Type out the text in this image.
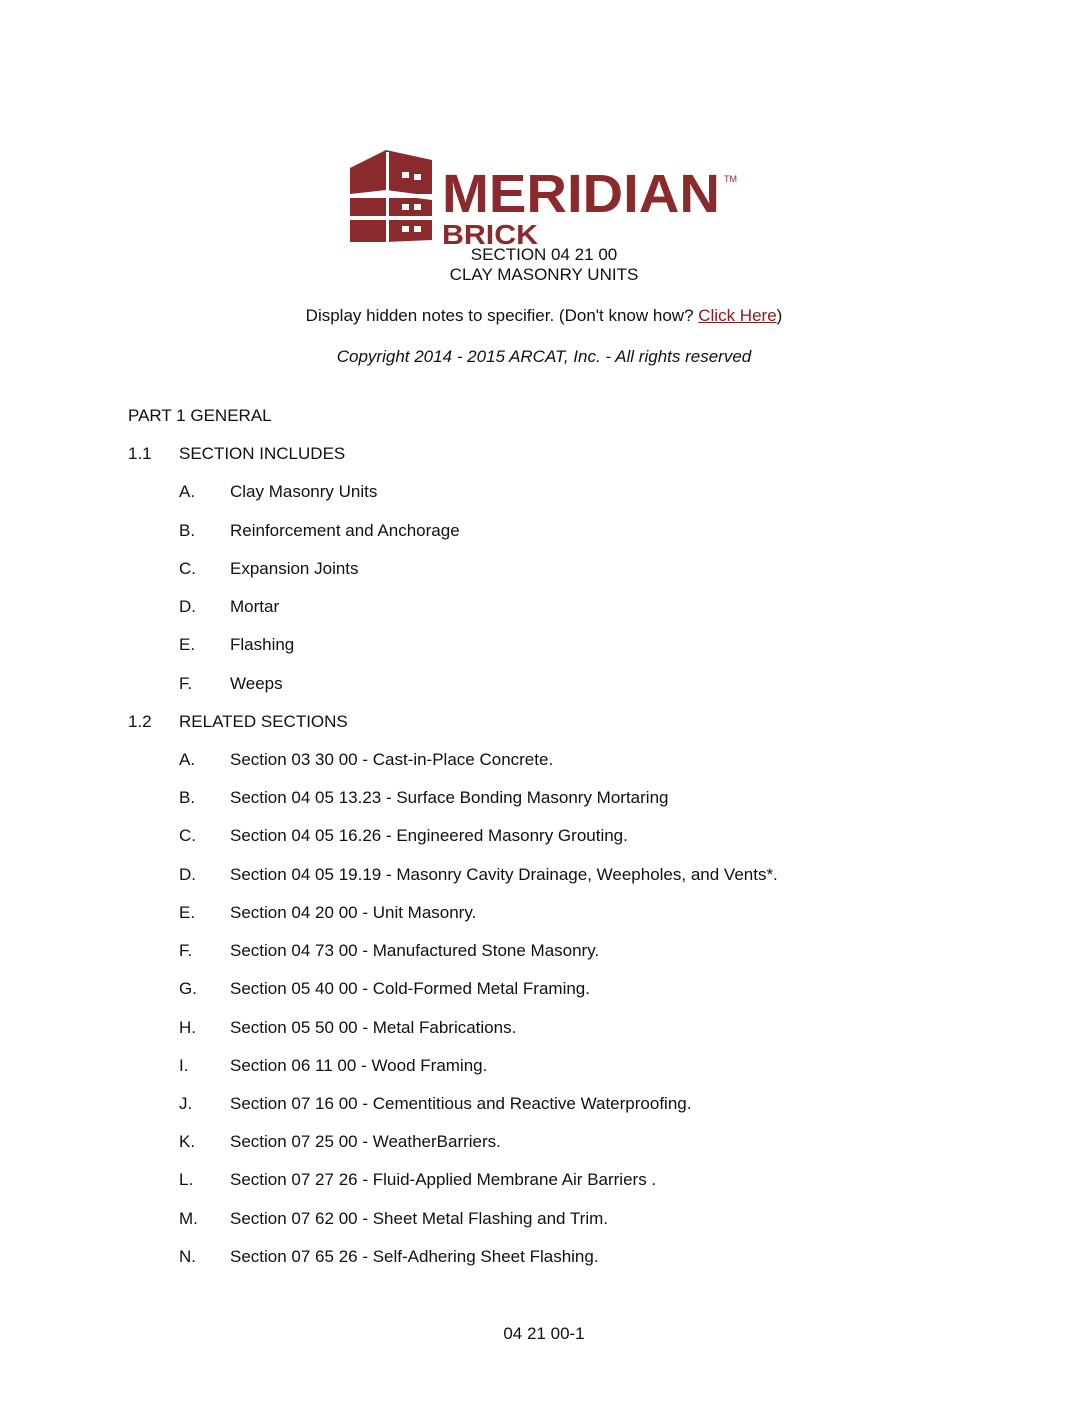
MERIDIAN TM
BRICK
SECTION 04 21 00
CLAY MASONRY UNITS
Display hidden notes to specifier. (Don't know how? Click Here)
Copyright 2014 - 2015 ARCAT, Inc. - All rights reserved
PART 1 GENERAL
1.1 SECTION INCLUDES
A. Clay Masonry Units
B. Reinforcement and Anchorage
C. Expansion Joints
D. Mortar
E. Flashing
F. Weeps
1.2 RELATED SECTIONS
A. Section 03 30 00 - Cast-in-Place Concrete.
B. Section 04 05 13.23 - Surface Bonding Masonry Mortaring
C. Section 04 05 16.26 - Engineered Masonry Grouting.
D. Section 04 05 19.19 - Masonry Cavity Drainage, Weepholes, and Vents*.
E. Section 04 20 00 - Unit Masonry.
F. Section 04 73 00 - Manufactured Stone Masonry.
G. Section 05 40 00 - Cold-Formed Metal Framing.
H. Section 05 50 00 - Metal Fabrications.
I. Section 06 11 00 - Wood Framing.
J. Section 07 16 00 - Cementitious and Reactive Waterproofing.
K. Section 07 25 00 - WeatherBarriers.
L. Section 07 27 26 - Fluid-Applied Membrane Air Barriers .
M. Section 07 62 00 - Sheet Metal Flashing and Trim.
N. Section 07 65 26 - Self-Adhering Sheet Flashing.
04 21 00-1
